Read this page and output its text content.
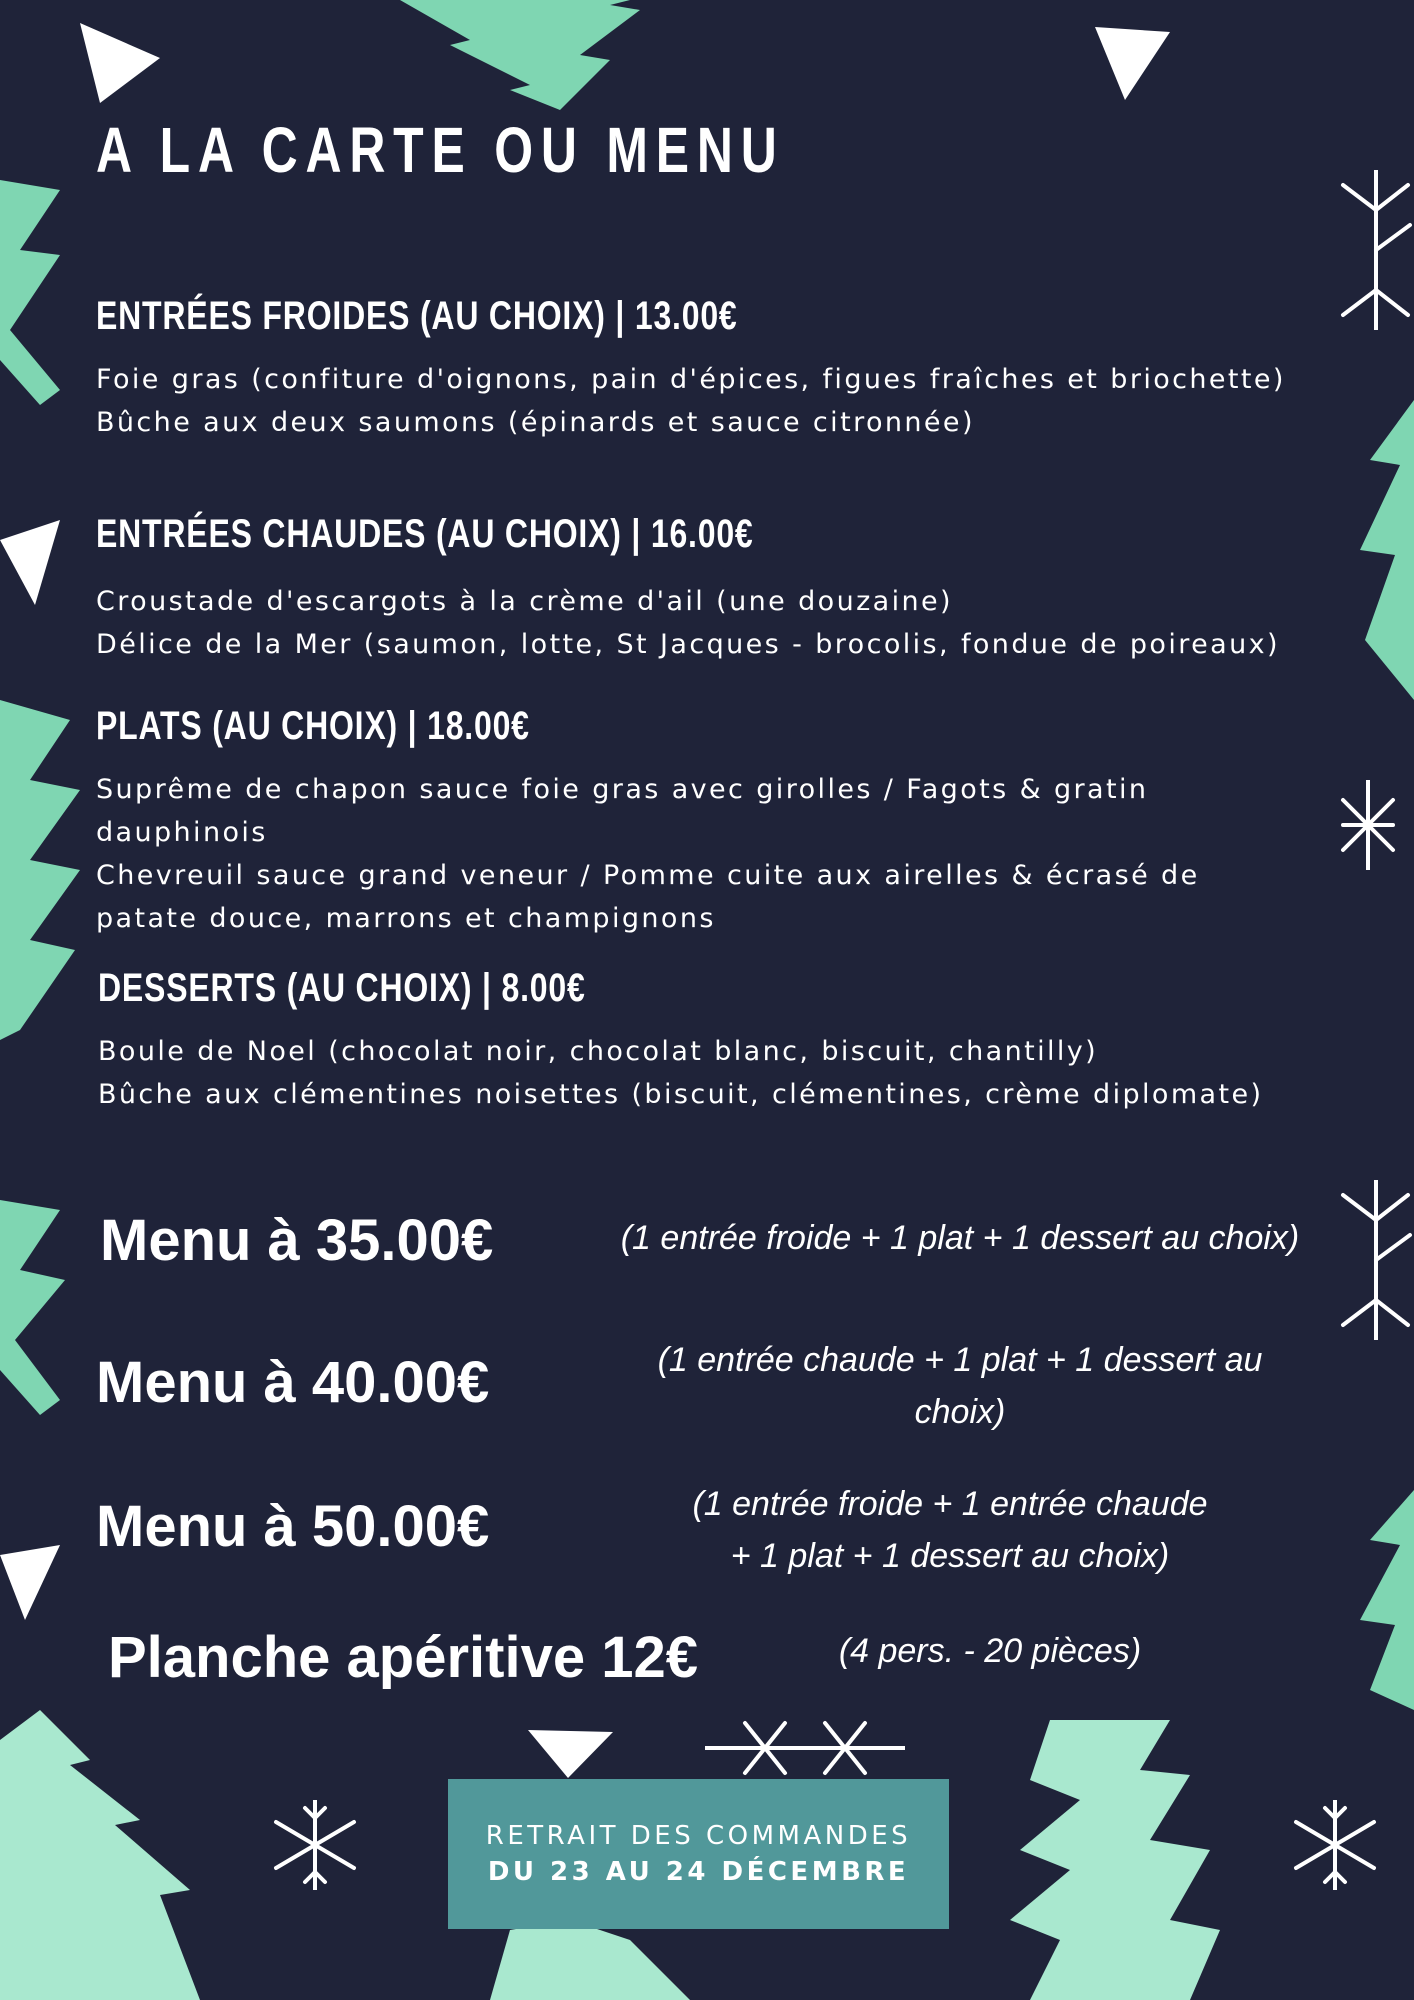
A LA CARTE OU MENU
ENTRÉES FROIDES (AU CHOIX) | 13.00€

Foie gras (confiture d'oignons, pain d'épices, figues fraîches et briochette)

Bûche aux deux saumons (épinards et sauce citronnée)

ENTRÉES CHAUDES (AU CHOIX) | 16.00€

Croustade d'escargots à la crème d'ail (une douzaine)

Délice de la Mer (saumon, lotte, St Jacques - brocolis, fondue de poireaux)

PLATS (AU CHOIX) | 18.00€

Suprême de chapon sauce foie gras avec girolles / Fagots & gratin dauphinois

Chevreuil sauce grand veneur / Pomme cuite aux airelles & écrasé de patate douce, marrons et champignons

DESSERTS (AU CHOIX) | 8.00€

Boule de Noel (chocolat noir, chocolat blanc, biscuit, chantilly)

Bûche aux clémentines noisettes (biscuit, clémentines, crème diplomate)

Menu à 35.00€	(1 entrée froide + 1 plat + 1 dessert au choix)
Menu à 40.00€	(1 entrée chaude + 1 plat + 1 dessert au
choix)
Menu à 50.00€	(1 entrée froide + 1 entrée chaude
+ 1 plat + 1 dessert au choix)
Planche apéritive 12€	(4 pers. - 20 pièces)
RETRAIT DES COMMANDES
DU 23 AU 24 DÉCEMBRE
